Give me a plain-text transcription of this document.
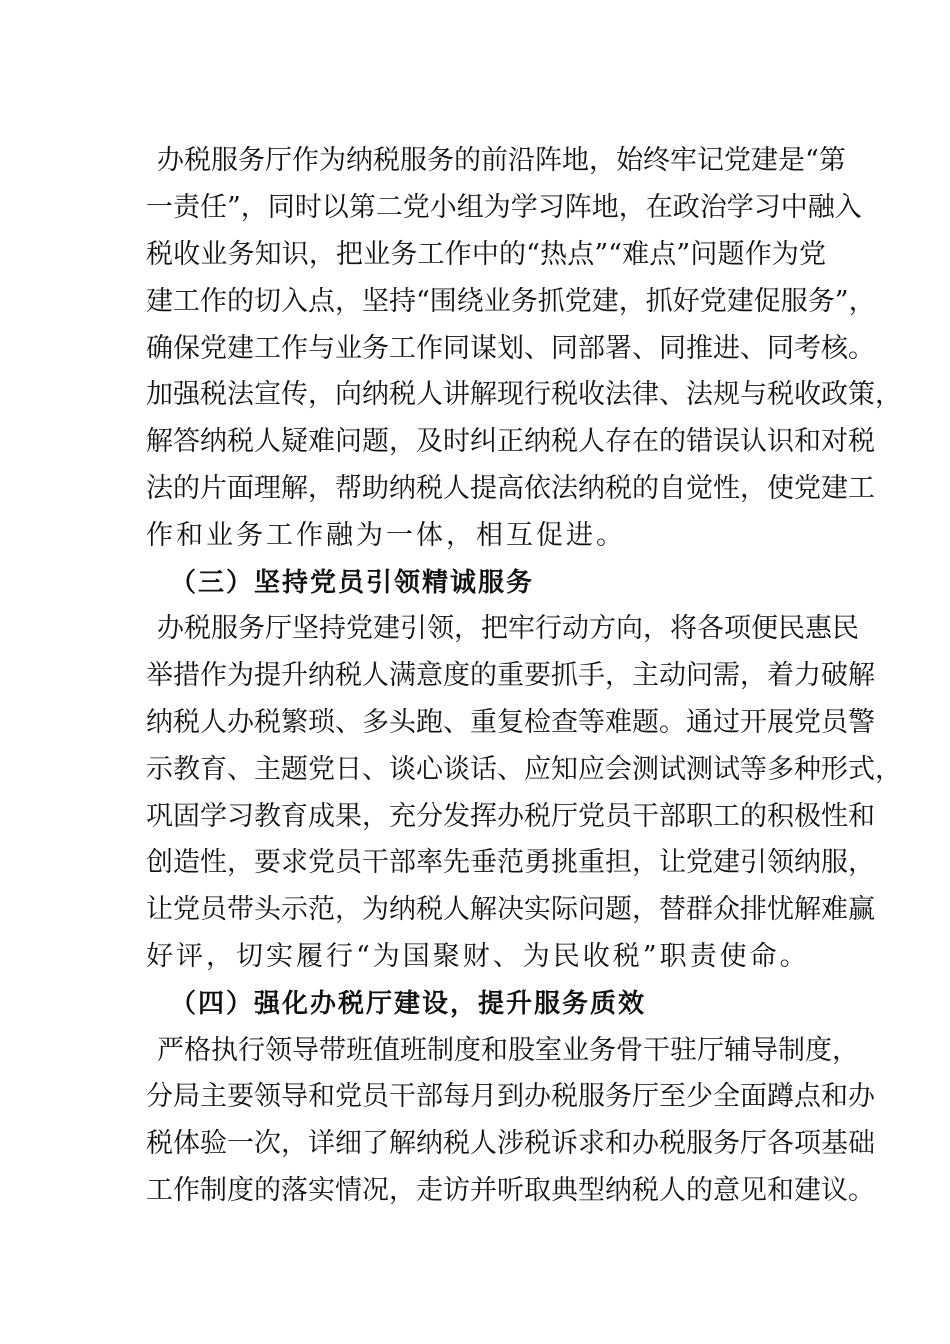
办税服务厅作为纳税服务的前沿阵地，始终牢记党建是“第
一责任”，同时以第二党小组为学习阵地，在政治学习中融入
税收业务知识，把业务工作中的“热点”“难点”问题作为党
建工作的切入点，坚持“围绕业务抓党建，抓好党建促服务”，
确保党建工作与业务工作同谋划、同部署、同推进、同考核。
加强税法宣传，向纳税人讲解现行税收法律、法规与税收政策，
解答纳税人疑难问题，及时纠正纳税人存在的错误认识和对税
法的片面理解，帮助纳税人提高依法纳税的自觉性，使党建工
作和业务工作融为一体，相互促进。
（三）坚持党员引领精诚服务
办税服务厅坚持党建引领，把牢行动方向，将各项便民惠民
举措作为提升纳税人满意度的重要抓手，主动问需，着力破解
纳税人办税繁琐、多头跑、重复检查等难题。通过开展党员警
示教育、主题党日、谈心谈话、应知应会测试测试等多种形式，
巩固学习教育成果，充分发挥办税厅党员干部职工的积极性和
创造性，要求党员干部率先垂范勇挑重担，让党建引领纳服，
让党员带头示范，为纳税人解决实际问题，替群众排忧解难赢
好评，切实履行“为国聚财、为民收税”职责使命。
（四）强化办税厅建设，提升服务质效
严格执行领导带班值班制度和股室业务骨干驻厅辅导制度，
分局主要领导和党员干部每月到办税服务厅至少全面蹲点和办
税体验一次，详细了解纳税人涉税诉求和办税服务厅各项基础
工作制度的落实情况，走访并听取典型纳税人的意见和建议。
